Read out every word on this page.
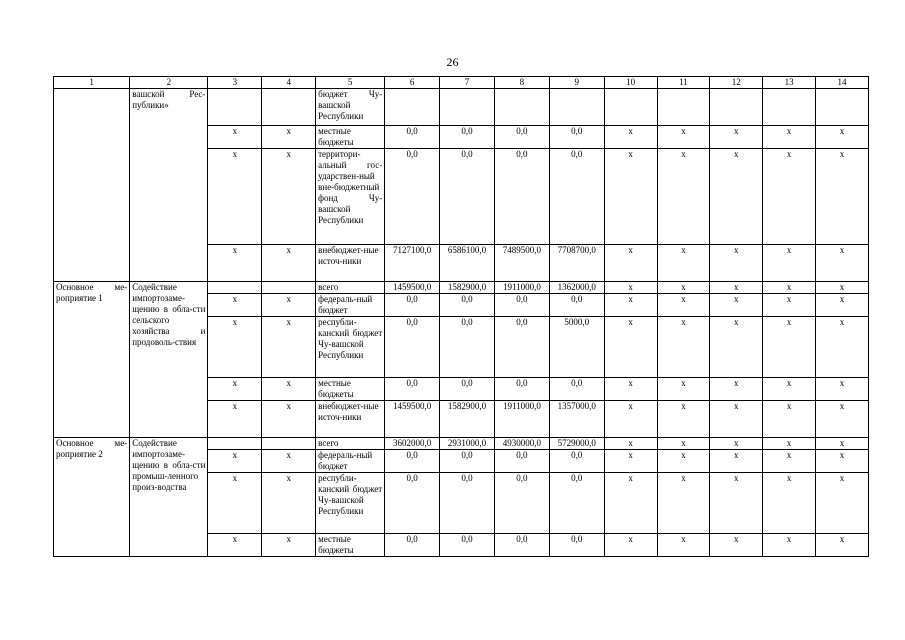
26
1	2	3	4	5	6	7	8	9	10	11	12	13	14
	вашской Рес-публики»			бюджет Чу-вашской Республики									
		x	x	местные бюджеты	0,0	0,0	0,0	0,0	x	x	x	x	x
		x	x	территори-альный гос-ударствен-ный вне-бюджетный фонд Чу-вашской Республики	0,0	0,0	0,0	0,0	x	x	x	x	x
		x	x	внебюджет-ные источ-ники	7127100,0	6586100,0	7489500,0	7708700,0	x	x	x	x	x
Основное ме-роприятие 1	Содействие импортозаме-щению в обла-сти сельского хозяйства и продоволь-ствия			всего	1459500,0	1582900,0	1911000,0	1362000,0	x	x	x	x	x
		x	x	федераль-ный бюджет	0,0	0,0	0,0	0,0	x	x	x	x	x
		x	x	республи-канский бюджет Чу-вашской Республики	0,0	0,0	0,0	5000,0	x	x	x	x	x
		x	x	местные бюджеты	0,0	0,0	0,0	0,0	x	x	x	x	x
		x	x	внебюджет-ные источ-ники	1459500,0	1582900,0	1911000,0	1357000,0	x	x	x	x	x
Основное ме-роприятие 2	Содействие импортозаме-щению в обла-сти промыш-ленного произ-водства			всего	3602000,0	2931000,0	4930000,0	5729000,0	x	x	x	x	x
		x	x	федераль-ный бюджет	0,0	0,0	0,0	0,0	x	x	x	x	x
		x	x	республи-канский бюджет Чу-вашской Республики	0,0	0,0	0,0	0,0	x	x	x	x	x
		x	x	местные бюджеты	0,0	0,0	0,0	0,0	x	x	x	x	x
